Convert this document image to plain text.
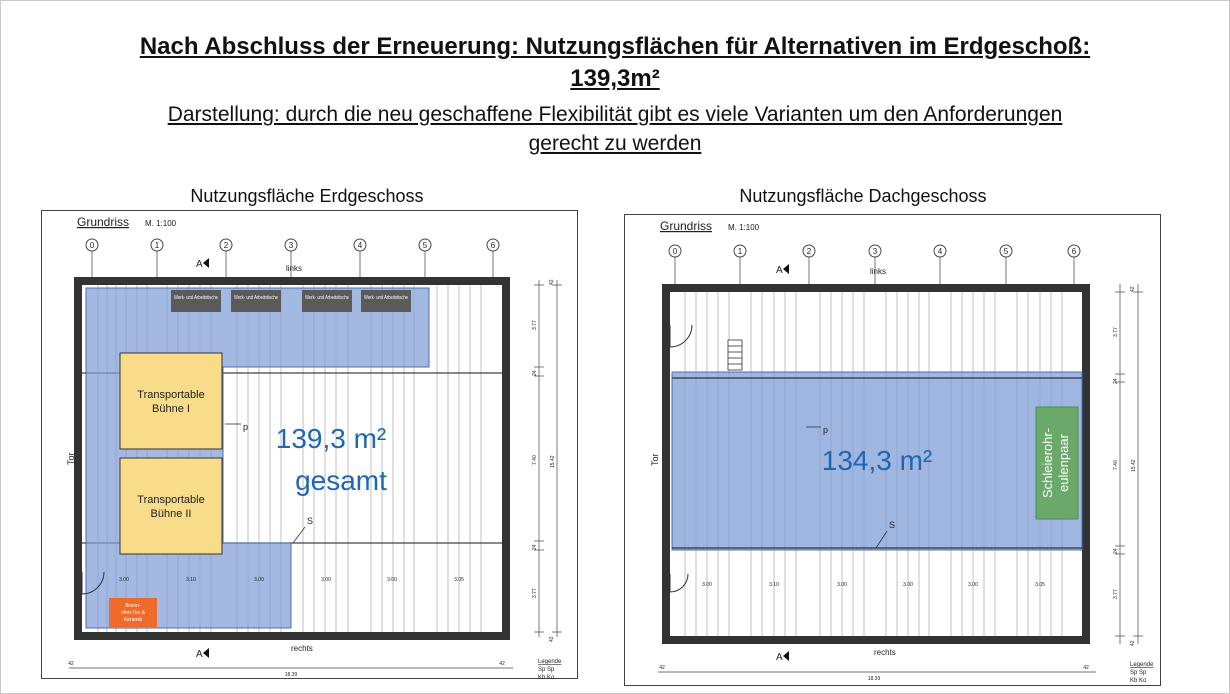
Nach Abschluss der Erneuerung: Nutzungsflächen für Alternativen im Erdgeschoß:
139,3m²
Darstellung: durch die neu geschaffene Flexibilität gibt es viele Varianten um den Anforderungen
gerecht zu werden
Nutzungsfläche Erdgeschoss	Nutzungsfläche Dachgeschoss
Grundriss M. 1:100
0	1	2	3	4	5	6
A	links
Werk- und Arbeitstische	Werk- und Arbeitstische	Werk- und Arbeitstische	Werk- und Arbeitstische
Transportable
Bühne I
Transportable
Bühne II
Brenn-
ofen-Ton &
Keramik
139,3 m²
gesamt
p
S
Tor
3.00	3.10	3.00	3.00	3.00	3.05
42
3.77
24
7.40
24
3.77
42
15.42
A
rechts
42
18.39
42
Grundriss M. 1:100
0	1	2	3	4	5	6
A	links
Schleierohr- eulenpaar
134,3 m²
p
S
Tor
3.00	3.10	3.00	3.00	3.00	3.05
42
3.77
24
7.40
24
3.77
42
15.42
A	rechts
42
18.39
42	Legende
Sp Sp
Kb Ko
Legende
Sp Sp
Kb Ko
